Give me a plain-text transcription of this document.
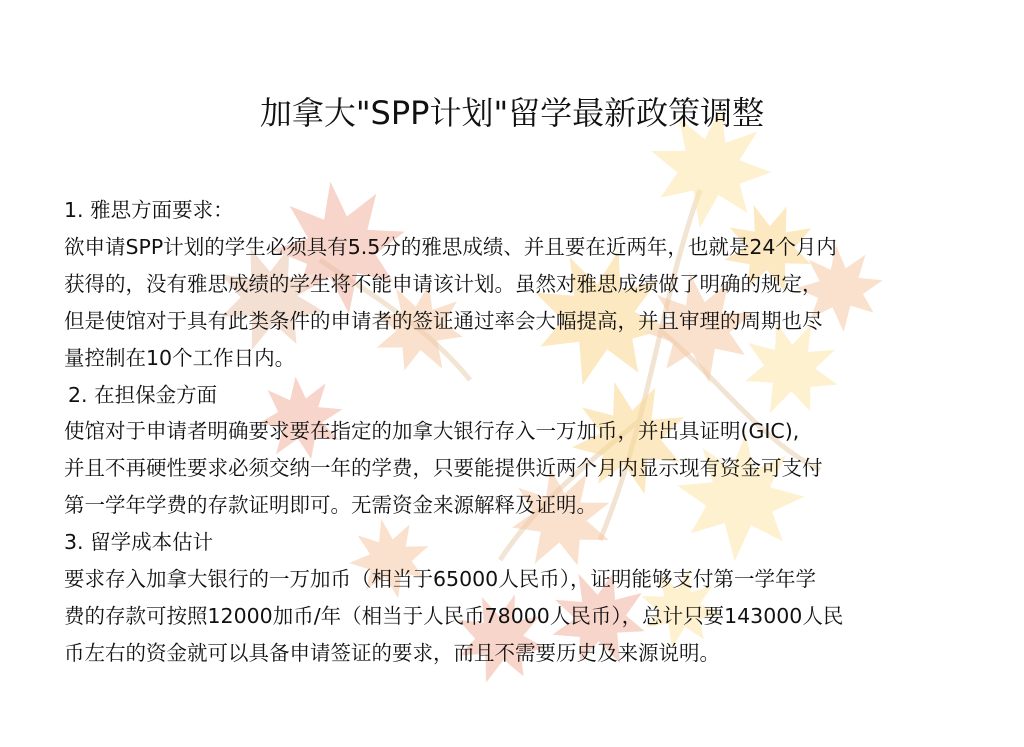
加拿大"SPP计划"留学最新政策调整
1. 雅思方面要求：
欲申请SPP计划的学生必须具有5.5分的雅思成绩、并且要在近两年，也就是24个月内
获得的，没有雅思成绩的学生将不能申请该计划。虽然对雅思成绩做了明确的规定，
但是使馆对于具有此类条件的申请者的签证通过率会大幅提高，并且审理的周期也尽
量控制在10个工作日内。
2. 在担保金方面
使馆对于申请者明确要求要在指定的加拿大银行存入一万加币，并出具证明(GIC),
并且不再硬性要求必须交纳一年的学费，只要能提供近两个月内显示现有资金可支付
第一学年学费的存款证明即可。无需资金来源解释及证明。
3. 留学成本估计
要求存入加拿大银行的一万加币（相当于65000人民币），证明能够支付第一学年学
费的存款可按照12000加币/年（相当于人民币78000人民币），总计只要143000人民
币左右的资金就可以具备申请签证的要求，而且不需要历史及来源说明。
